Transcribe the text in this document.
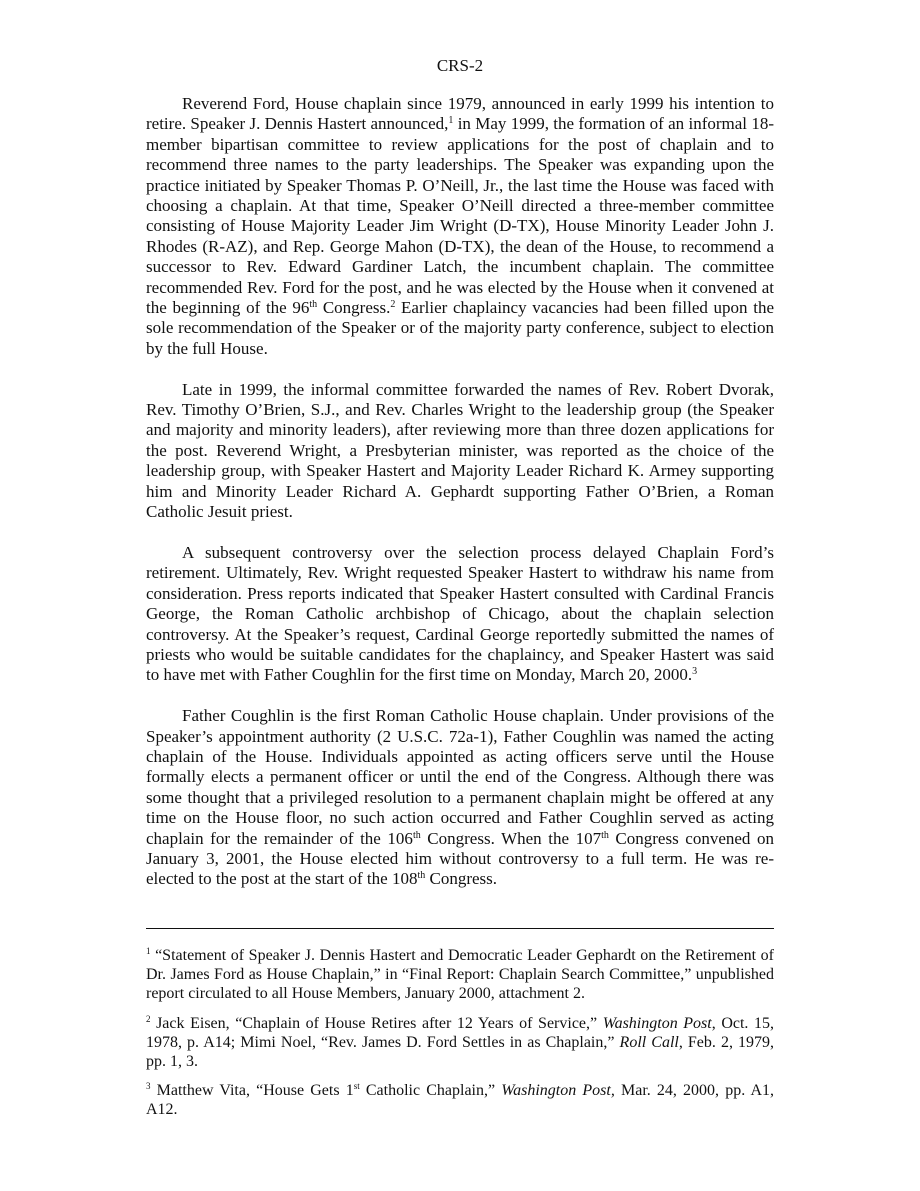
CRS-2

Reverend Ford, House chaplain since 1979, announced in early 1999 his intention to retire. Speaker J. Dennis Hastert announced,$^1$ in May 1999, the formation of an informal 18-member bipartisan committee to review applications for the post of chaplain and to recommend three names to the party leaderships. The Speaker was expanding upon the practice initiated by Speaker Thomas P. O’Neill, Jr., the last time the House was faced with choosing a chaplain. At that time, Speaker O’Neill directed a three-member committee consisting of House Majority Leader Jim Wright (D-TX), House Minority Leader John J. Rhodes (R-AZ), and Rep. George Mahon (D-TX), the dean of the House, to recommend a successor to Rev. Edward Gardiner Latch, the incumbent chaplain. The committee recommended Rev. Ford for the post, and he was elected by the House when it convened at the beginning of the 96th Congress.$^2$ Earlier chaplaincy vacancies had been filled upon the sole recommendation of the Speaker or of the majority party conference, subject to election by the full House.

Late in 1999, the informal committee forwarded the names of Rev. Robert Dvorak, Rev. Timothy O’Brien, S.J., and Rev. Charles Wright to the leadership group (the Speaker and majority and minority leaders), after reviewing more than three dozen applications for the post. Reverend Wright, a Presbyterian minister, was reported as the choice of the leadership group, with Speaker Hastert and Majority Leader Richard K. Armey supporting him and Minority Leader Richard A. Gephardt supporting Father O’Brien, a Roman Catholic Jesuit priest.

A subsequent controversy over the selection process delayed Chaplain Ford’s retirement. Ultimately, Rev. Wright requested Speaker Hastert to withdraw his name from consideration. Press reports indicated that Speaker Hastert consulted with Cardinal Francis George, the Roman Catholic archbishop of Chicago, about the chaplain selection controversy. At the Speaker’s request, Cardinal George reportedly submitted the names of priests who would be suitable candidates for the chaplaincy, and Speaker Hastert was said to have met with Father Coughlin for the first time on Monday, March 20, 2000.$^3$

Father Coughlin is the first Roman Catholic House chaplain. Under provisions of the Speaker’s appointment authority (2 U.S.C. 72a-1), Father Coughlin was named the acting chaplain of the House. Individuals appointed as acting officers serve until the House formally elects a permanent officer or until the end of the Congress. Although there was some thought that a privileged resolution to a permanent chaplain might be offered at any time on the House floor, no such action occurred and Father Coughlin served as acting chaplain for the remainder of the 106th Congress. When the 107th Congress convened on January 3, 2001, the House elected him without controversy to a full term. He was re-elected to the post at the start of the 108th Congress.

$^1$ “Statement of Speaker J. Dennis Hastert and Democratic Leader Gephardt on the Retirement of Dr. James Ford as House Chaplain,” in “Final Report: Chaplain Search Committee,” unpublished report circulated to all House Members, January 2000, attachment 2.

$^2$ Jack Eisen, “Chaplain of House Retires after 12 Years of Service,” Washington Post, Oct. 15, 1978, p. A14; Mimi Noel, “Rev. James D. Ford Settles in as Chaplain,” Roll Call, Feb. 2, 1979, pp. 1, 3.

$^3$ Matthew Vita, “House Gets 1st Catholic Chaplain,” Washington Post, Mar. 24, 2000, pp. A1, A12.
